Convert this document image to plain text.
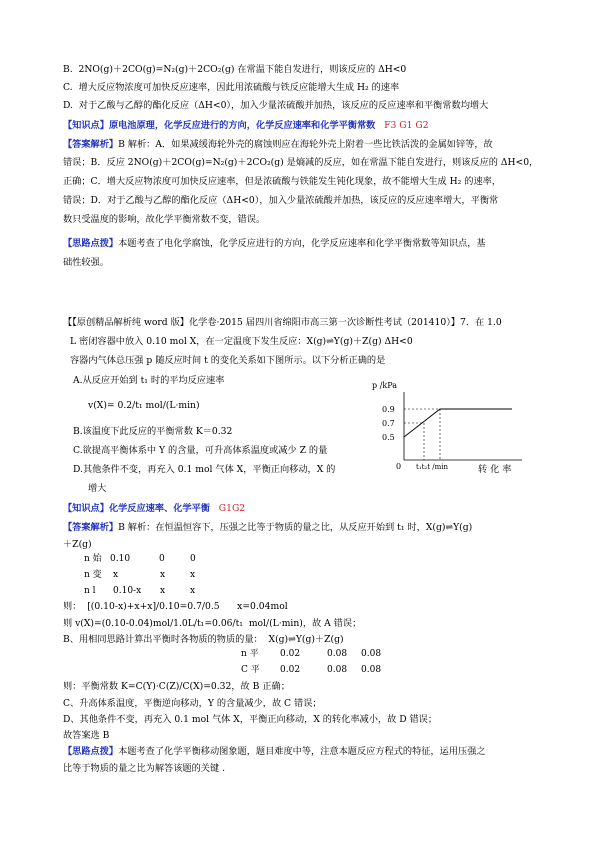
B.  2NO(g)＋2CO(g)=N₂(g)＋2CO₂(g) 在常温下能自发进行，则该反应的 ΔH<0
C.  增大反应物浓度可加快反应速率，因此用浓硫酸与铁反应能增大生成 H₂ 的速率
D.  对于乙酸与乙醇的酯化反应（ΔH<0），加入少量浓硫酸并加热，该反应的反应速率和平衡常数均增大
【知识点】原电池原理，化学反应进行的方向，化学反应速率和化学平衡常数 F3 G1 G2
【答案解析】B 解析：A．如果减缓海轮外壳的腐蚀则应在海轮外壳上附着一些比铁活泼的金属如锌等，故
错误；B．反应 2NO(g)＋2CO(g)=N₂(g)＋2CO₂(g) 是熵减的反应，如在常温下能自发进行，则该反应的 ΔH<0，
正确；C．增大反应物浓度可加快反应速率，但是浓硫酸与铁能发生钝化现象，故不能增大生成 H₂ 的速率，
错误；D．对于乙酸与乙醇的酯化反应（ΔH<0），加入少量浓硫酸并加热，该反应的反应速率增大，平衡常
数只受温度的影响，故化学平衡常数不变，错误。
【思路点拨】本题考查了电化学腐蚀，化学反应进行的方向，化学反应速率和化学平衡常数等知识点，基
础性较强。
【【原创精品解析纯 word 版】化学卷·2015 届四川省绵阳市高三第一次诊断性考试（201410）】7．在 1.0
L 密闭容器中放入 0.10 mol X，在一定温度下发生反应：X(g)⇌Y(g)＋Z(g) ΔH<0
容器内气体总压强 p 随反应时间 t 的变化关系如下图所示。以下分析正确的是
A.从反应开始到 t₁ 时的平均反应速率
v(X)= 0.2/t₁ mol/(L·min)
B.该温度下此反应的平衡常数 K＝0.32
C.欲提高平衡体系中 Y 的含量，可升高体系温度或减少 Z 的量
D.其他条件不变，再充入 0.1 mol 气体 X，平衡正向移动，X 的	转 化 率
增大
p /kPa
0.9
0.7
0.5
0 t₁t₂t /min
【知识点】化学反应速率、化学平衡 G1G2
【答案解析】B 解析：在恒温恒容下，压强之比等于物质的量之比，从反应开始到 t₁ 时，X(g)⇌Y(g)
＋Z(g)
n 始 0.10	0	0
n 变 x	x	x
n l 0.10-x x	x
则：  [(0.10-x)+x+x]/0.10=0.7/0.5      x=0.04mol
则 v(X)=(0.10-0.04)mol/1.0L/t₁=0.06/t₁  mol/(L·min)，故 A 错误；
B、用相同思路计算出平衡时各物质的物质的量：  X(g)⇌Y(g)＋Z(g)
n 平 0.02	0.08 0.08
C 平 0.02	0.08 0.08
则：平衡常数 K=C(Y)·C(Z)/C(X)=0.32，故 B 正确；
C、升高体系温度，平衡逆向移动，Y 的含量减少，故 C 错误；
D、其他条件不变，再充入 0.1 mol 气体 X，平衡正向移动，X 的转化率减小，故 D 错误；
故答案选 B
【思路点拨】本题考查了化学平衡移动图象题，题目难度中等，注意本题反应方程式的特征，运用压强之
比等于物质的量之比为解答该题的关键 .
